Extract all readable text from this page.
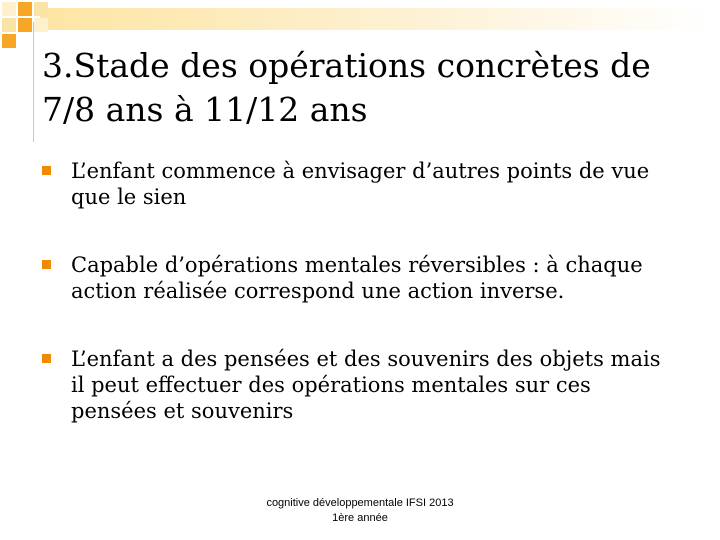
3.Stade des opérations concrètes de 7/8 ans à 11/12 ans
L’enfant commence à envisager d’autres points de vue que le sien
Capable d’opérations mentales réversibles : à chaque action réalisée correspond une action inverse.
L’enfant a des pensées et des souvenirs des objets mais il peut effectuer des opérations mentales sur ces pensées et souvenirs
cognitive développementale IFSI 2013
1ère année
